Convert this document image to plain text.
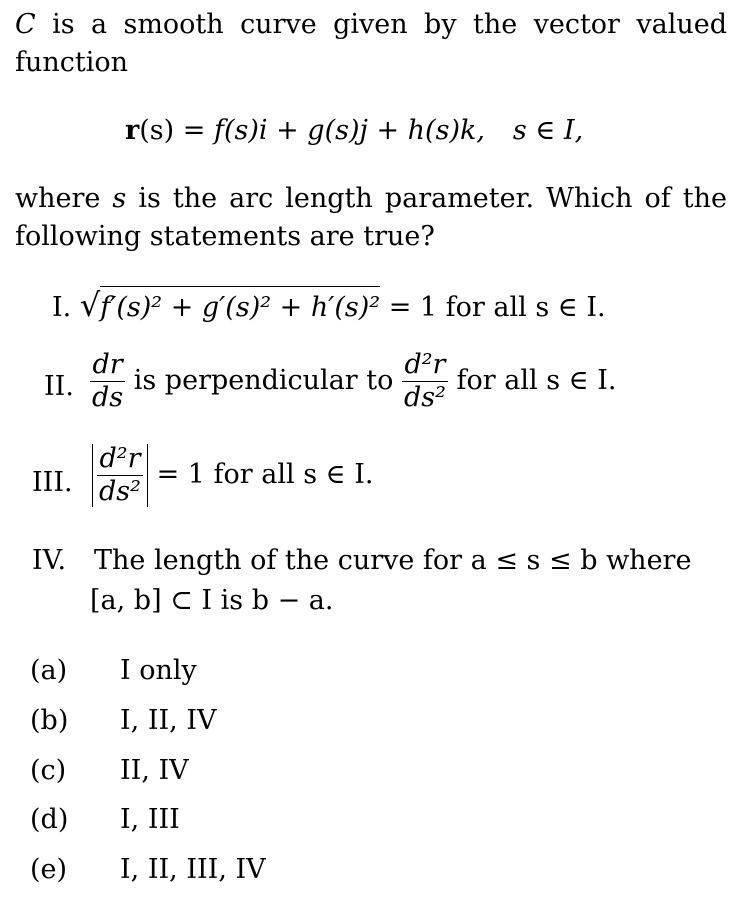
C is a smooth curve given by the vector valued function
r(s) = f(s)i + g(s)j + h(s)k, s ∈ I,
where s is the arc length parameter. Which of the following statements are true?
I. √f′(s)² + g′(s)² + h′(s)² = 1 for all s ∈ I.
II. $\frac{dr}{ds}$ is perpendicular to $\frac{\text{d²r}}{\text{ds²}}$ for all s ∈ I.
III. $\frac{\text{d²r}}{\text{ds²}} = 1$ for all s ∈ I.
IV. The length of the curve for a ≤ s ≤ b where
[a, b] ⊂ I is b − a.
(a) I only
(b) I, II, IV
(c) II, IV
(d) I, III
(e) I, II, III, IV
